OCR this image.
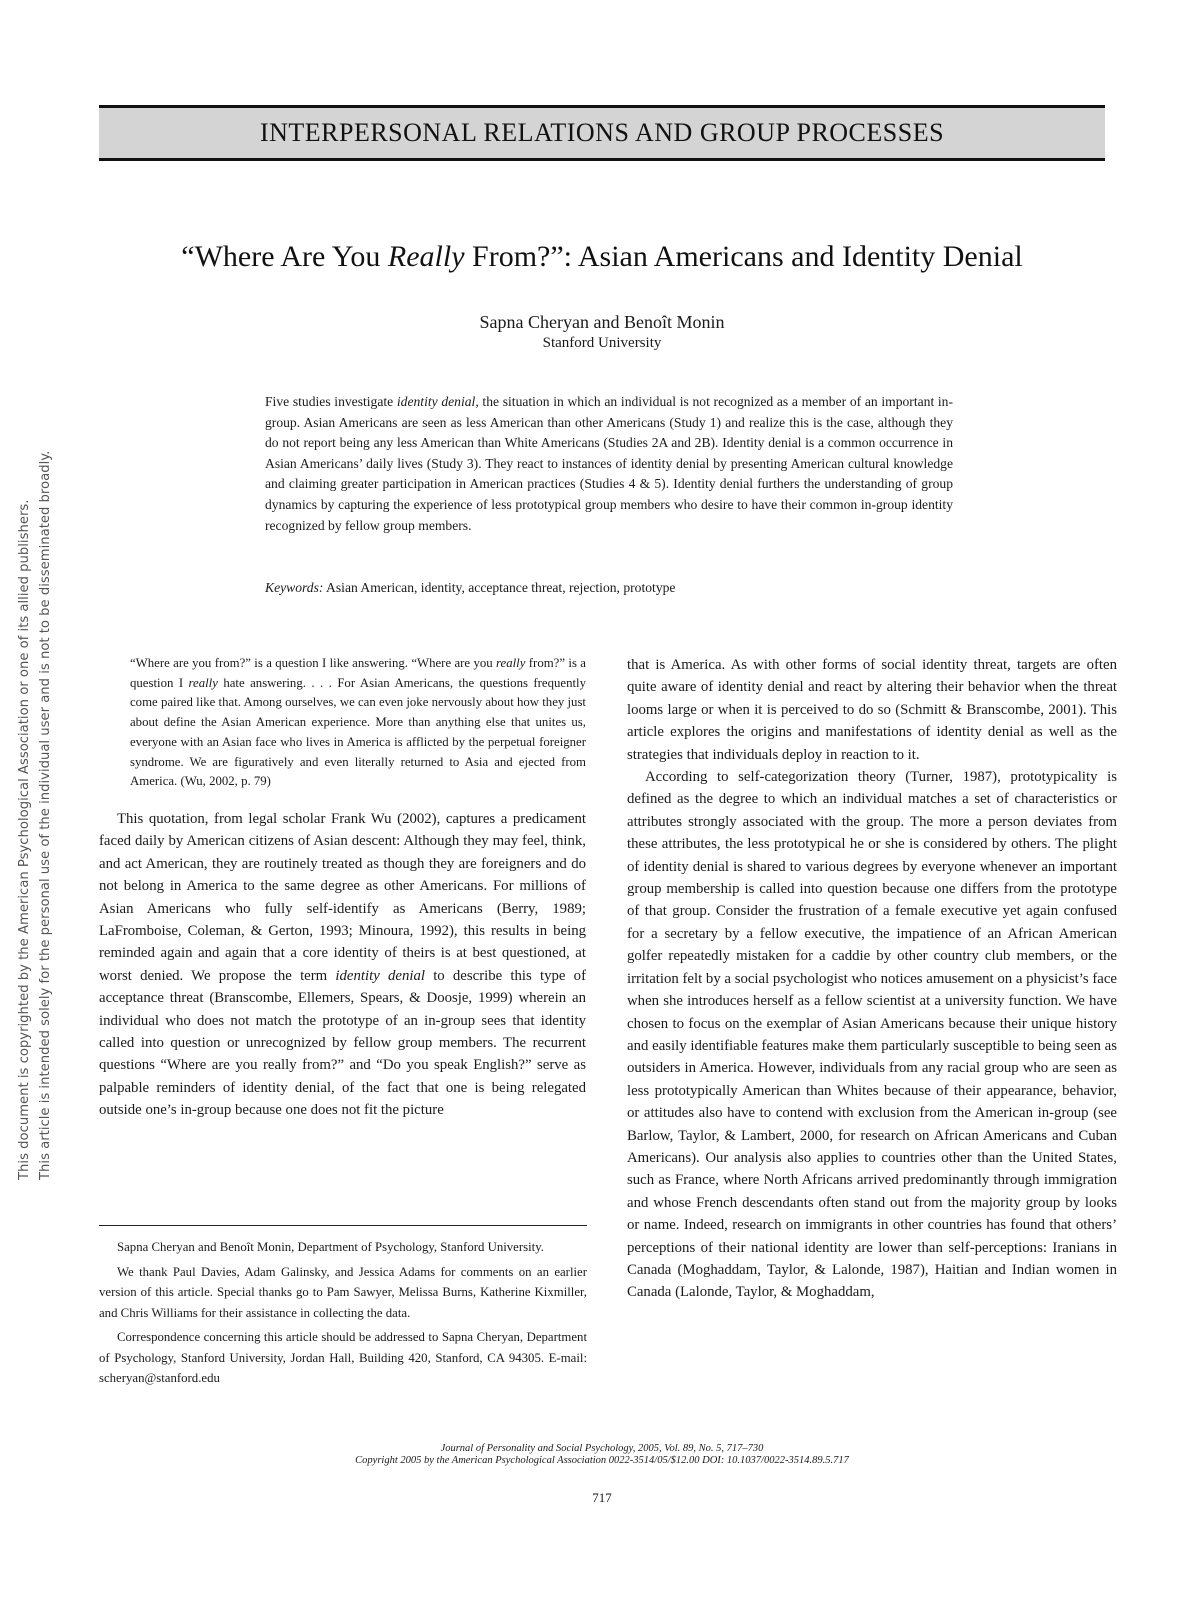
INTERPERSONAL RELATIONS AND GROUP PROCESSES
“Where Are You Really From?”: Asian Americans and Identity Denial
Sapna Cheryan and Benoît Monin
Stanford University

Five studies investigate identity denial, the situation in which an individual is not recognized as a member of an important in-group. Asian Americans are seen as less American than other Americans (Study 1) and realize this is the case, although they do not report being any less American than White Americans (Studies 2A and 2B). Identity denial is a common occurrence in Asian Americans’ daily lives (Study 3). They react to instances of identity denial by presenting American cultural knowledge and claiming greater participation in American practices (Studies 4 & 5). Identity denial furthers the understanding of group dynamics by capturing the experience of less prototypical group members who desire to have their common in-group identity recognized by fellow group members.

Keywords: Asian American, identity, acceptance threat, rejection, prototype

“Where are you from?” is a question I like answering. “Where are you really from?” is a question I really hate answering. . . . For Asian Americans, the questions frequently come paired like that. Among ourselves, we can even joke nervously about how they just about define the Asian American experience. More than anything else that unites us, everyone with an Asian face who lives in America is afflicted by the perpetual foreigner syndrome. We are figuratively and even literally returned to Asia and ejected from America. (Wu, 2002, p. 79)

This quotation, from legal scholar Frank Wu (2002), captures a predicament faced daily by American citizens of Asian descent: Although they may feel, think, and act American, they are routinely treated as though they are foreigners and do not belong in America to the same degree as other Americans. For millions of Asian Americans who fully self-identify as Americans (Berry, 1989; LaFromboise, Coleman, & Gerton, 1993; Minoura, 1992), this results in being reminded again and again that a core identity of theirs is at best questioned, at worst denied. We propose the term identity denial to describe this type of acceptance threat (Branscombe, Ellemers, Spears, & Doosje, 1999) wherein an individual who does not match the prototype of an in-group sees that identity called into question or unrecognized by fellow group members. The recurrent questions “Where are you really from?” and “Do you speak English?” serve as palpable reminders of identity denial, of the fact that one is being relegated outside one’s in-group because one does not fit the picture

that is America. As with other forms of social identity threat, targets are often quite aware of identity denial and react by altering their behavior when the threat looms large or when it is perceived to do so (Schmitt & Branscombe, 2001). This article explores the origins and manifestations of identity denial as well as the strategies that individuals deploy in reaction to it.

According to self-categorization theory (Turner, 1987), prototypicality is defined as the degree to which an individual matches a set of characteristics or attributes strongly associated with the group. The more a person deviates from these attributes, the less prototypical he or she is considered by others. The plight of identity denial is shared to various degrees by everyone whenever an important group membership is called into question because one differs from the prototype of that group. Consider the frustration of a female executive yet again confused for a secretary by a fellow executive, the impatience of an African American golfer repeatedly mistaken for a caddie by other country club members, or the irritation felt by a social psychologist who notices amusement on a physicist’s face when she introduces herself as a fellow scientist at a university function. We have chosen to focus on the exemplar of Asian Americans because their unique history and easily identifiable features make them particularly susceptible to being seen as outsiders in America. However, individuals from any racial group who are seen as less prototypically American than Whites because of their appearance, behavior, or attitudes also have to contend with exclusion from the American in-group (see Barlow, Taylor, & Lambert, 2000, for research on African Americans and Cuban Americans). Our analysis also applies to countries other than the United States, such as France, where North Africans arrived predominantly through immigration and whose French descendants often stand out from the majority group by looks or name. Indeed, research on immigrants in other countries has found that others’ perceptions of their national identity are lower than self-perceptions: Iranians in Canada (Moghaddam, Taylor, & Lalonde, 1987), Haitian and Indian women in Canada (Lalonde, Taylor, & Moghaddam,

Sapna Cheryan and Benoît Monin, Department of Psychology, Stanford University.

We thank Paul Davies, Adam Galinsky, and Jessica Adams for comments on an earlier version of this article. Special thanks go to Pam Sawyer, Melissa Burns, Katherine Kixmiller, and Chris Williams for their assistance in collecting the data.

Correspondence concerning this article should be addressed to Sapna Cheryan, Department of Psychology, Stanford University, Jordan Hall, Building 420, Stanford, CA 94305. E-mail: scheryan@stanford.edu

Journal of Personality and Social Psychology, 2005, Vol. 89, No. 5, 717–730
Copyright 2005 by the American Psychological Association 0022-3514/05/$12.00 DOI: 10.1037/0022-3514.89.5.717
717
This document is copyrighted by the American Psychological Association or one of its allied publishers. This article is intended solely for the personal use of the individual user and is not to be disseminated broadly.
